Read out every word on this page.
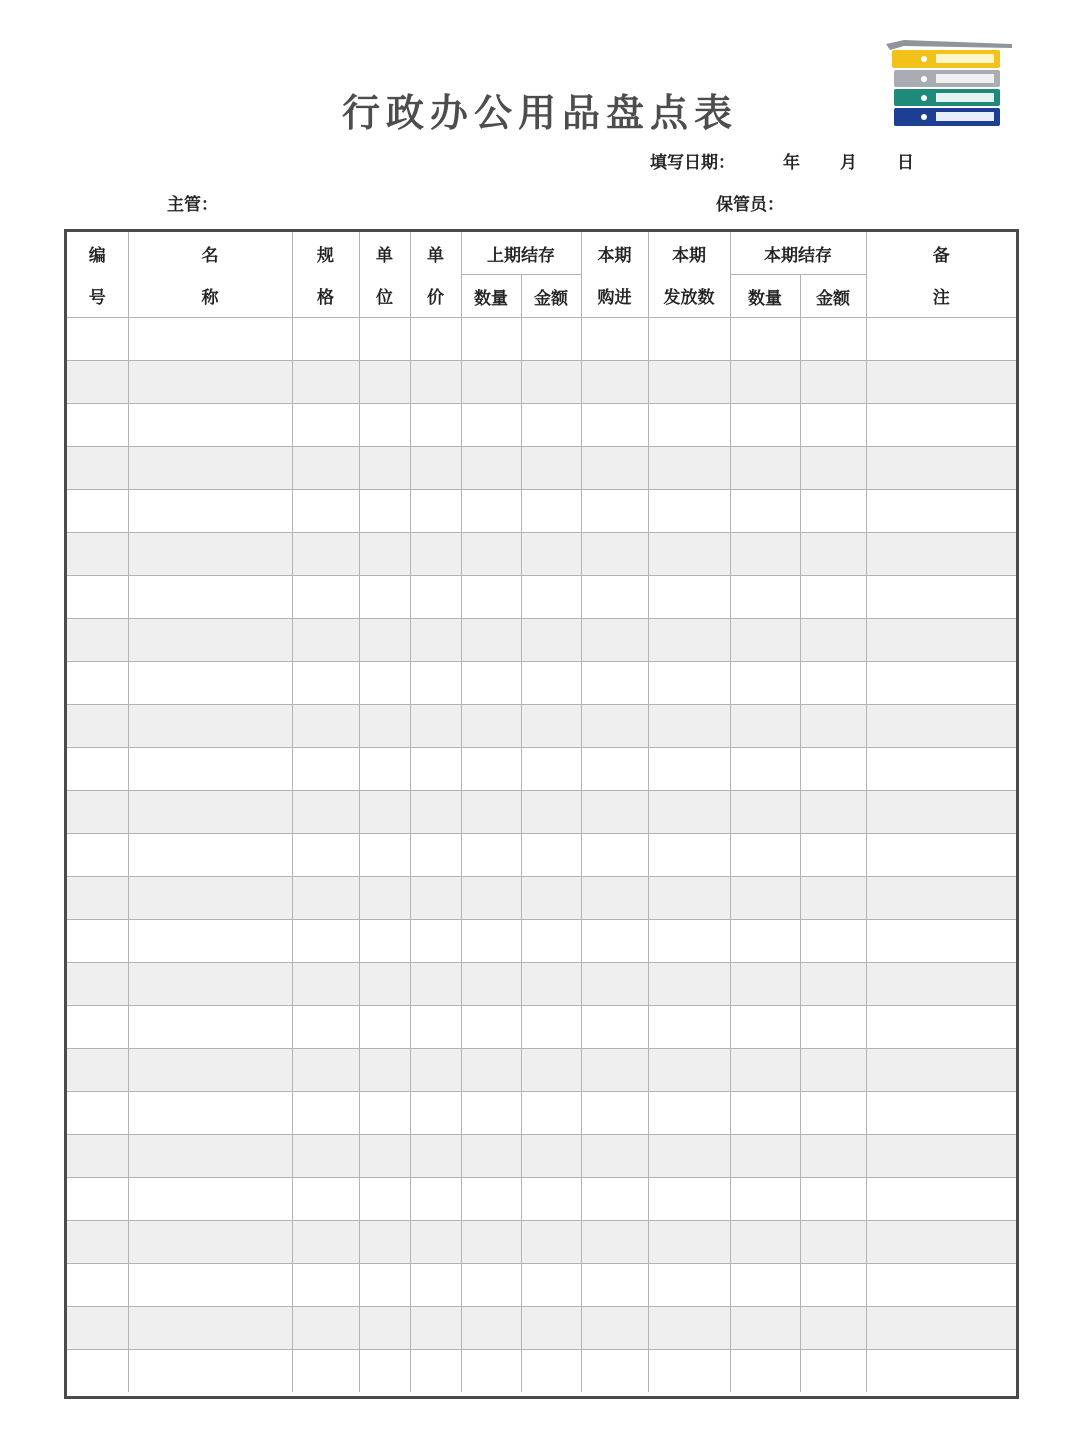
行政办公用品盘点表
填写日期：	年 月 日
主管：	保管员：
编	名	规	单	单	上期结存		本期	本期	本期结存		备
号	称	格	位	价	数量	金额	购进	发放数	数量	金额	注
